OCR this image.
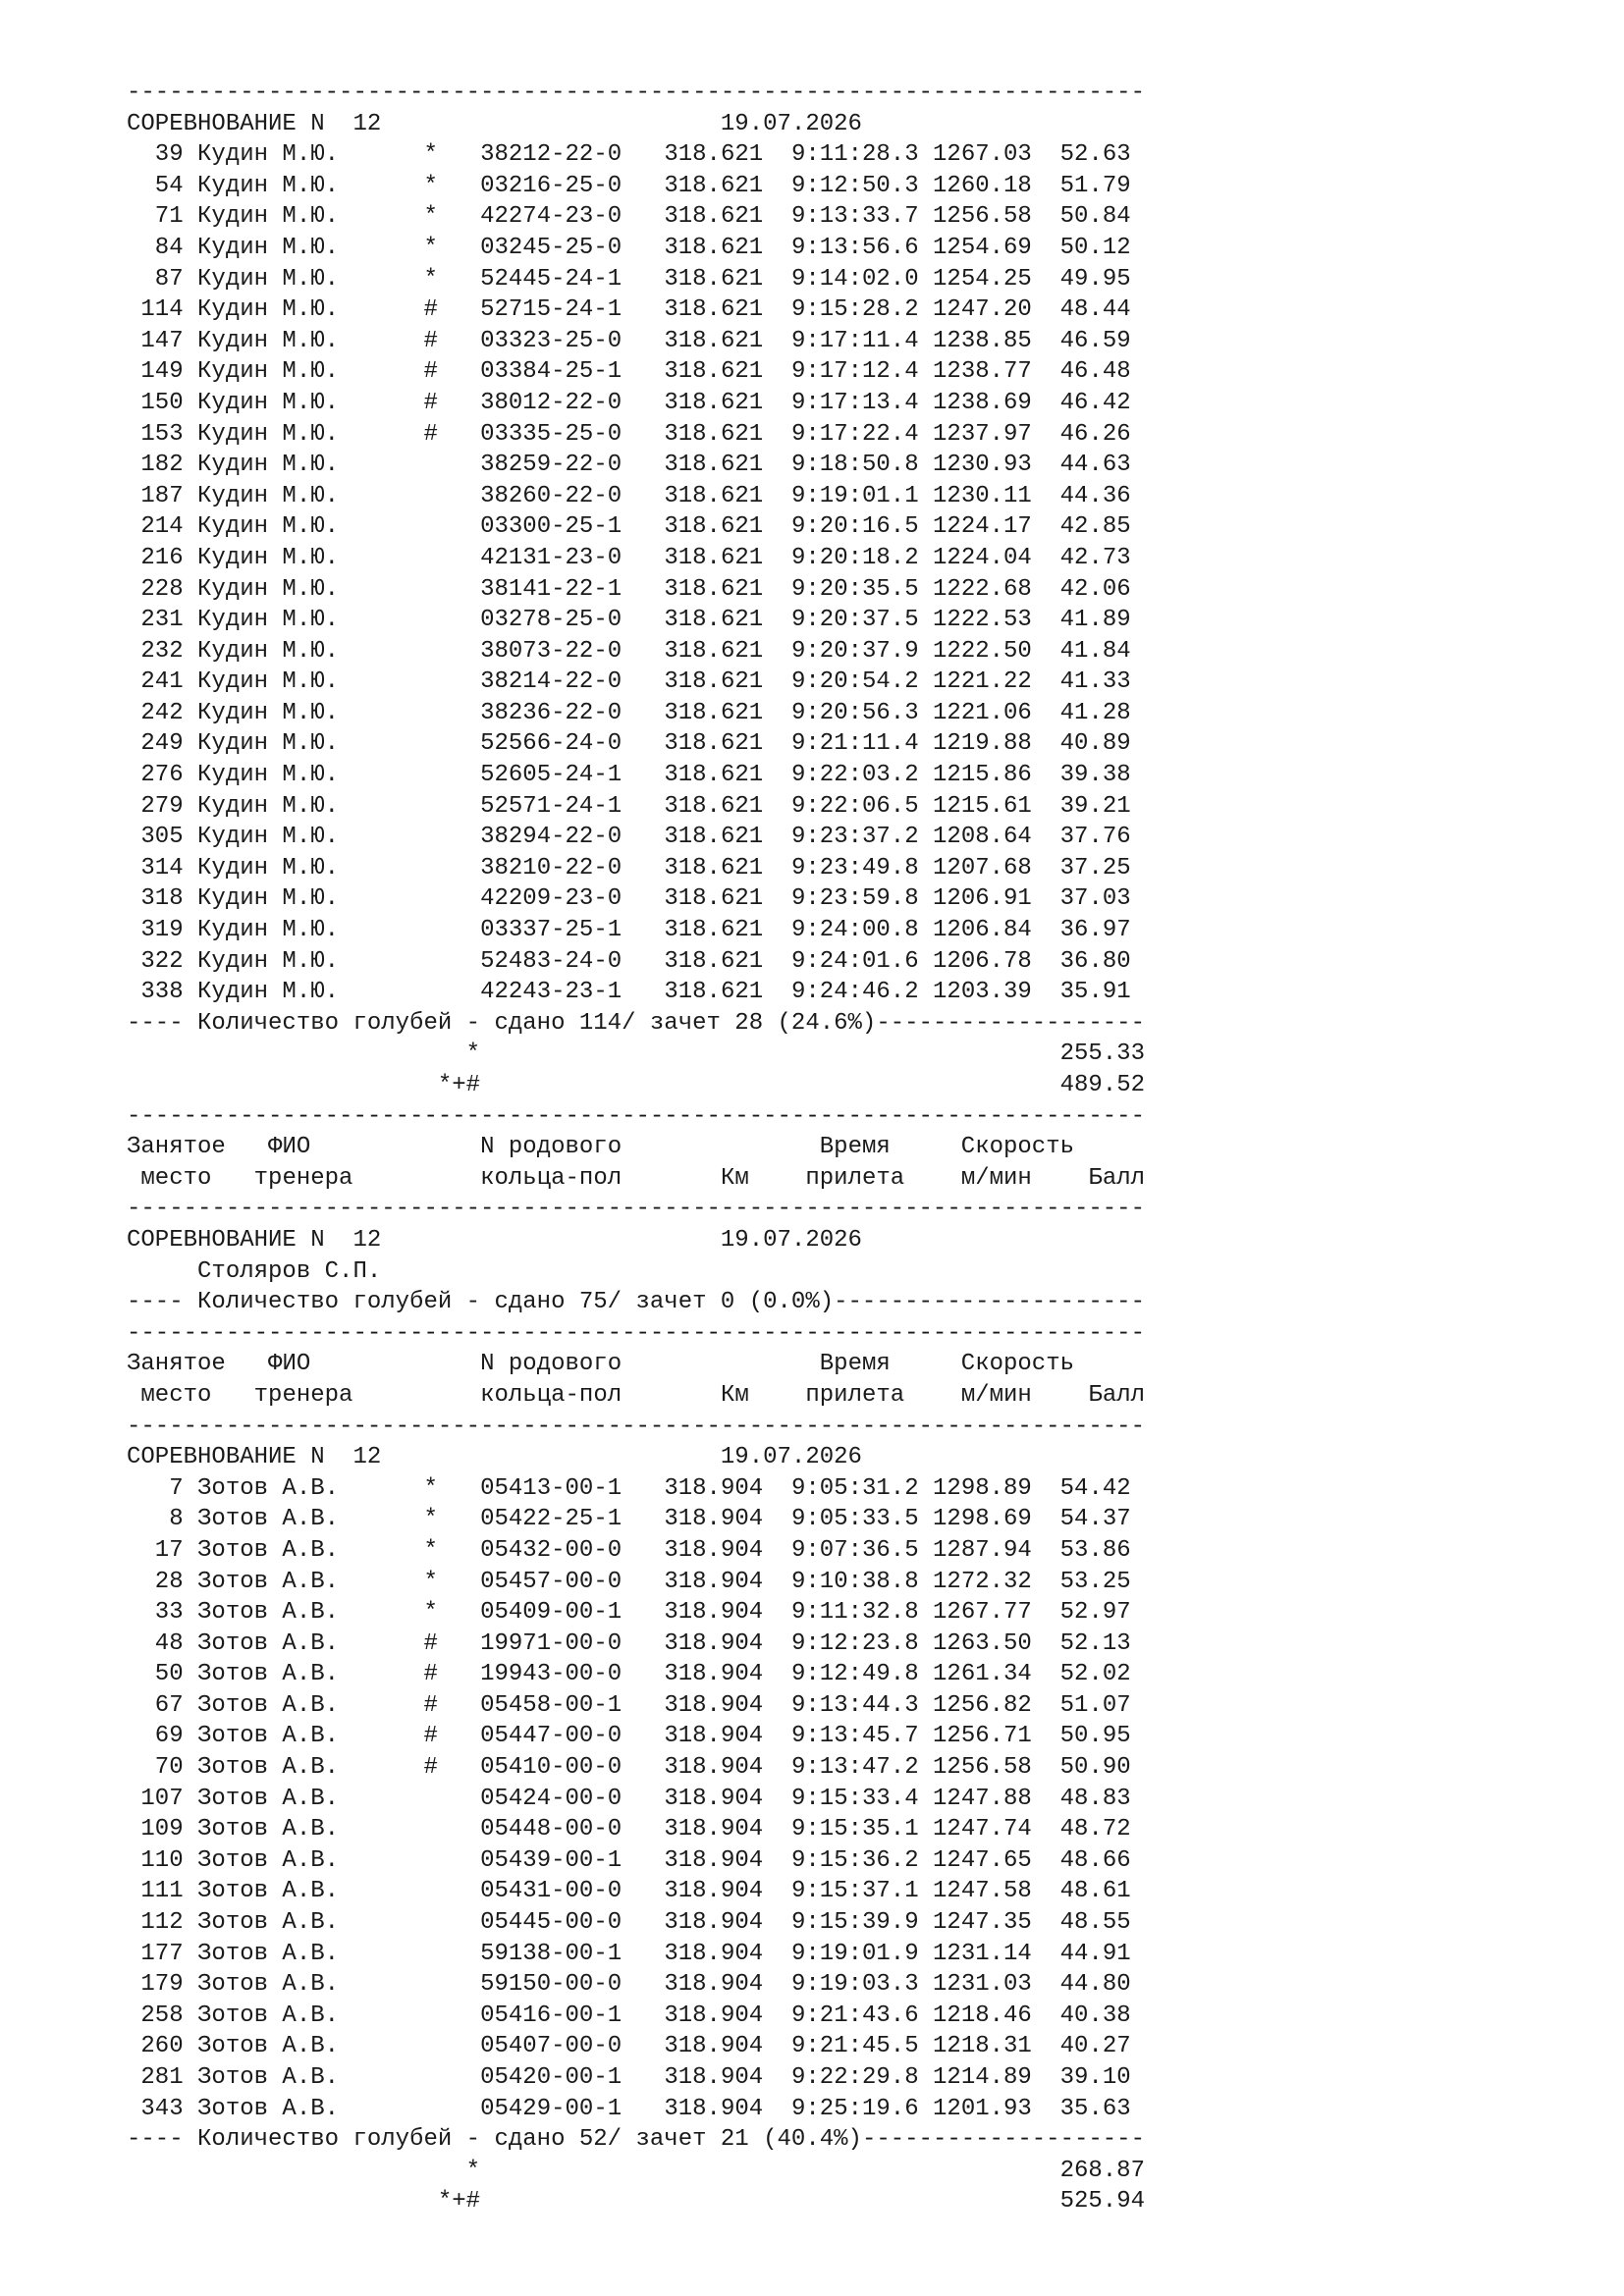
------------------------------------------------------------------------
СОРЕВНОВАНИЕ N  12	19.07.2026
39 Кудин М.Ю.      * 38212-22-0 318.621 9:11:28.3 1267.03 52.63
54 Кудин М.Ю.      * 03216-25-0 318.621 9:12:50.3 1260.18 51.79
71 Кудин М.Ю.      * 42274-23-0 318.621 9:13:33.7 1256.58 50.84
84 Кудин М.Ю.      * 03245-25-0 318.621 9:13:56.6 1254.69 50.12
87 Кудин М.Ю.      * 52445-24-1 318.621 9:14:02.0 1254.25 49.95
114 Кудин М.Ю.      # 52715-24-1 318.621 9:15:28.2 1247.20 48.44
147 Кудин М.Ю.      # 03323-25-0 318.621 9:17:11.4 1238.85 46.59
149 Кудин М.Ю.      # 03384-25-1 318.621 9:17:12.4 1238.77 46.48
150 Кудин М.Ю.      # 38012-22-0 318.621 9:17:13.4 1238.69 46.42
153 Кудин М.Ю.      # 03335-25-0 318.621 9:17:22.4 1237.97 46.26
182 Кудин М.Ю.	38259-22-0 318.621 9:18:50.8 1230.93 44.63
187 Кудин М.Ю.	38260-22-0 318.621 9:19:01.1 1230.11 44.36
214 Кудин М.Ю.	03300-25-1 318.621 9:20:16.5 1224.17 42.85
216 Кудин М.Ю.	42131-23-0 318.621 9:20:18.2 1224.04 42.73
228 Кудин М.Ю.	38141-22-1 318.621 9:20:35.5 1222.68 42.06
231 Кудин М.Ю.	03278-25-0 318.621 9:20:37.5 1222.53 41.89
232 Кудин М.Ю.	38073-22-0 318.621 9:20:37.9 1222.50 41.84
241 Кудин М.Ю.	38214-22-0 318.621 9:20:54.2 1221.22 41.33
242 Кудин М.Ю.	38236-22-0 318.621 9:20:56.3 1221.06 41.28
249 Кудин М.Ю.	52566-24-0 318.621 9:21:11.4 1219.88 40.89
276 Кудин М.Ю.	52605-24-1 318.621 9:22:03.2 1215.86 39.38
279 Кудин М.Ю.	52571-24-1 318.621 9:22:06.5 1215.61 39.21
305 Кудин М.Ю.	38294-22-0 318.621 9:23:37.2 1208.64 37.76
314 Кудин М.Ю.	38210-22-0 318.621 9:23:49.8 1207.68 37.25
318 Кудин М.Ю.	42209-23-0 318.621 9:23:59.8 1206.91 37.03
319 Кудин М.Ю.	03337-25-1 318.621 9:24:00.8 1206.84 36.97
322 Кудин М.Ю.	52483-24-0 318.621 9:24:01.6 1206.78 36.80
338 Кудин М.Ю.	42243-23-1 318.621 9:24:46.2 1203.39 35.91
---- Количество голубей - сдано 114/ зачет 28 (24.6%)-------------------
*	255.33
*+#	489.52
------------------------------------------------------------------------
Занятое ФИО	N родового	Время	Скорость
место тренера	кольца-пол	Км прилета м/мин Балл
------------------------------------------------------------------------
СОРЕВНОВАНИЕ N  12	19.07.2026
Столяров С.П.
---- Количество голубей - сдано 75/ зачет 0 (0.0%)----------------------
------------------------------------------------------------------------
Занятое ФИО	N родового	Время	Скорость
место тренера	кольца-пол	Км прилета м/мин Балл
------------------------------------------------------------------------
СОРЕВНОВАНИЕ N  12	19.07.2026
7 Зотов А.В.      * 05413-00-1 318.904 9:05:31.2 1298.89 54.42
8 Зотов А.В.      * 05422-25-1 318.904 9:05:33.5 1298.69 54.37
17 Зотов А.В.      * 05432-00-0 318.904 9:07:36.5 1287.94 53.86
28 Зотов А.В.      * 05457-00-0 318.904 9:10:38.8 1272.32 53.25
33 Зотов А.В.      * 05409-00-1 318.904 9:11:32.8 1267.77 52.97
48 Зотов А.В.      # 19971-00-0 318.904 9:12:23.8 1263.50 52.13
50 Зотов А.В.      # 19943-00-0 318.904 9:12:49.8 1261.34 52.02
67 Зотов А.В.      # 05458-00-1 318.904 9:13:44.3 1256.82 51.07
69 Зотов А.В.      # 05447-00-0 318.904 9:13:45.7 1256.71 50.95
70 Зотов А.В.      # 05410-00-0 318.904 9:13:47.2 1256.58 50.90
107 Зотов А.В.	05424-00-0 318.904 9:15:33.4 1247.88 48.83
109 Зотов А.В.	05448-00-0 318.904 9:15:35.1 1247.74 48.72
110 Зотов А.В.	05439-00-1 318.904 9:15:36.2 1247.65 48.66
111 Зотов А.В.	05431-00-0 318.904 9:15:37.1 1247.58 48.61
112 Зотов А.В.	05445-00-0 318.904 9:15:39.9 1247.35 48.55
177 Зотов А.В.	59138-00-1 318.904 9:19:01.9 1231.14 44.91
179 Зотов А.В.	59150-00-0 318.904 9:19:03.3 1231.03 44.80
258 Зотов А.В.	05416-00-1 318.904 9:21:43.6 1218.46 40.38
260 Зотов А.В.	05407-00-0 318.904 9:21:45.5 1218.31 40.27
281 Зотов А.В.	05420-00-1 318.904 9:22:29.8 1214.89 39.10
343 Зотов А.В.	05429-00-1 318.904 9:25:19.6 1201.93 35.63
---- Количество голубей - сдано 52/ зачет 21 (40.4%)--------------------
*	268.87
*+#	525.94
